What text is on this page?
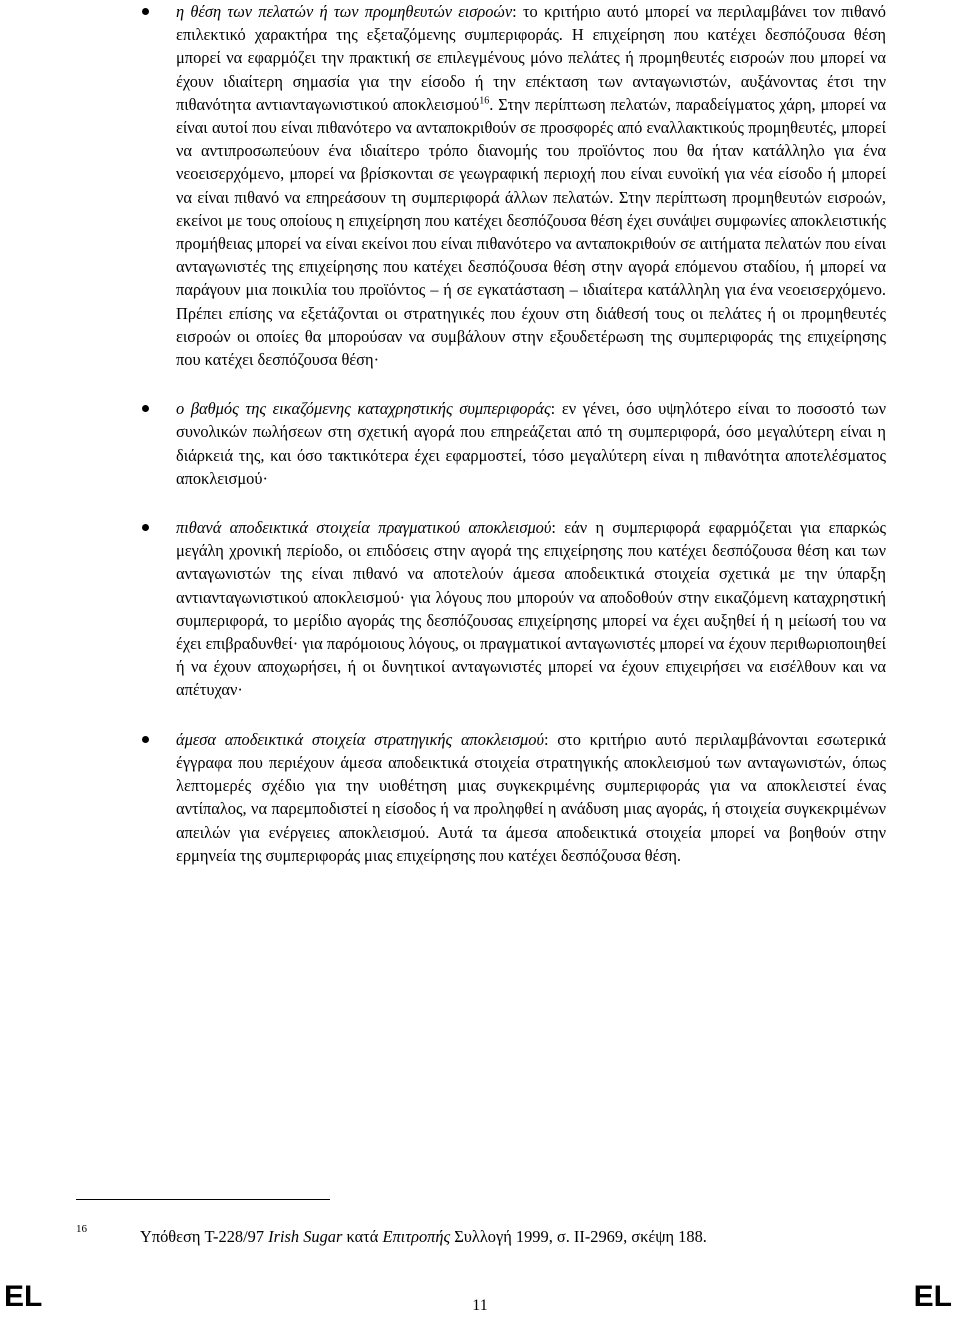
η θέση των πελατών ή των προμηθευτών εισροών: το κριτήριο αυτό μπορεί να περιλαμβάνει τον πιθανό επιλεκτικό χαρακτήρα της εξεταζόμενης συμπεριφοράς. Η επιχείρηση που κατέχει δεσπόζουσα θέση μπορεί να εφαρμόζει την πρακτική σε επιλεγμένους μόνο πελάτες ή προμηθευτές εισροών που μπορεί να έχουν ιδιαίτερη σημασία για την είσοδο ή την επέκταση των ανταγωνιστών, αυξάνοντας έτσι την πιθανότητα αντιανταγωνιστικού αποκλεισμού$^{16}$. Στην περίπτωση πελατών, παραδείγματος χάρη, μπορεί να είναι αυτοί που είναι πιθανότερο να ανταποκριθούν σε προσφορές από εναλλακτικούς προμηθευτές, μπορεί να αντιπροσωπεύουν ένα ιδιαίτερο τρόπο διανομής του προϊόντος που θα ήταν κατάλληλο για ένα νεοεισερχόμενο, μπορεί να βρίσκονται σε γεωγραφική περιοχή που είναι ευνοϊκή για νέα είσοδο ή μπορεί να είναι πιθανό να επηρεάσουν τη συμπεριφορά άλλων πελατών. Στην περίπτωση προμηθευτών εισροών, εκείνοι με τους οποίους η επιχείρηση που κατέχει δεσπόζουσα θέση έχει συνάψει συμφωνίες αποκλειστικής προμήθειας μπορεί να είναι εκείνοι που είναι πιθανότερο να ανταποκριθούν σε αιτήματα πελατών που είναι ανταγωνιστές της επιχείρησης που κατέχει δεσπόζουσα θέση στην αγορά επόμενου σταδίου, ή μπορεί να παράγουν μια ποικιλία του προϊόντος – ή σε εγκατάσταση – ιδιαίτερα κατάλληλη για ένα νεοεισερχόμενο. Πρέπει επίσης να εξετάζονται οι στρατηγικές που έχουν στη διάθεσή τους οι πελάτες ή οι προμηθευτές εισροών οι οποίες θα μπορούσαν να συμβάλουν στην εξουδετέρωση της συμπεριφοράς της επιχείρησης που κατέχει δεσπόζουσα θέση·
ο βαθμός της εικαζόμενης καταχρηστικής συμπεριφοράς: εν γένει, όσο υψηλότερο είναι το ποσοστό των συνολικών πωλήσεων στη σχετική αγορά που επηρεάζεται από τη συμπεριφορά, όσο μεγαλύτερη είναι η διάρκειά της, και όσο τακτικότερα έχει εφαρμοστεί, τόσο μεγαλύτερη είναι η πιθανότητα αποτελέσματος αποκλεισμού·
πιθανά αποδεικτικά στοιχεία πραγματικού αποκλεισμού: εάν η συμπεριφορά εφαρμόζεται για επαρκώς μεγάλη χρονική περίοδο, οι επιδόσεις στην αγορά της επιχείρησης που κατέχει δεσπόζουσα θέση και των ανταγωνιστών της είναι πιθανό να αποτελούν άμεσα αποδεικτικά στοιχεία σχετικά με την ύπαρξη αντιανταγωνιστικού αποκλεισμού· για λόγους που μπορούν να αποδοθούν στην εικαζόμενη καταχρηστική συμπεριφορά, το μερίδιο αγοράς της δεσπόζουσας επιχείρησης μπορεί να έχει αυξηθεί ή η μείωσή του να έχει επιβραδυνθεί· για παρόμοιους λόγους, οι πραγματικοί ανταγωνιστές μπορεί να έχουν περιθωριοποιηθεί ή να έχουν αποχωρήσει, ή οι δυνητικοί ανταγωνιστές μπορεί να έχουν επιχειρήσει να εισέλθουν και να απέτυχαν·
άμεσα αποδεικτικά στοιχεία στρατηγικής αποκλεισμού: στο κριτήριο αυτό περιλαμβάνονται εσωτερικά έγγραφα που περιέχουν άμεσα αποδεικτικά στοιχεία στρατηγικής αποκλεισμού των ανταγωνιστών, όπως λεπτομερές σχέδιο για την υιοθέτηση μιας συγκεκριμένης συμπεριφοράς για να αποκλειστεί ένας αντίπαλος, να παρεμποδιστεί η είσοδος ή να προληφθεί η ανάδυση μιας αγοράς, ή στοιχεία συγκεκριμένων απειλών για ενέργειες αποκλεισμού. Αυτά τα άμεσα αποδεικτικά στοιχεία μπορεί να βοηθούν στην ερμηνεία της συμπεριφοράς μιας επιχείρησης που κατέχει δεσπόζουσα θέση.
16	Υπόθεση T-228/97 Irish Sugar κατά Επιτροπής Συλλογή 1999, σ. II-2969, σκέψη 188.
EL	11	EL
